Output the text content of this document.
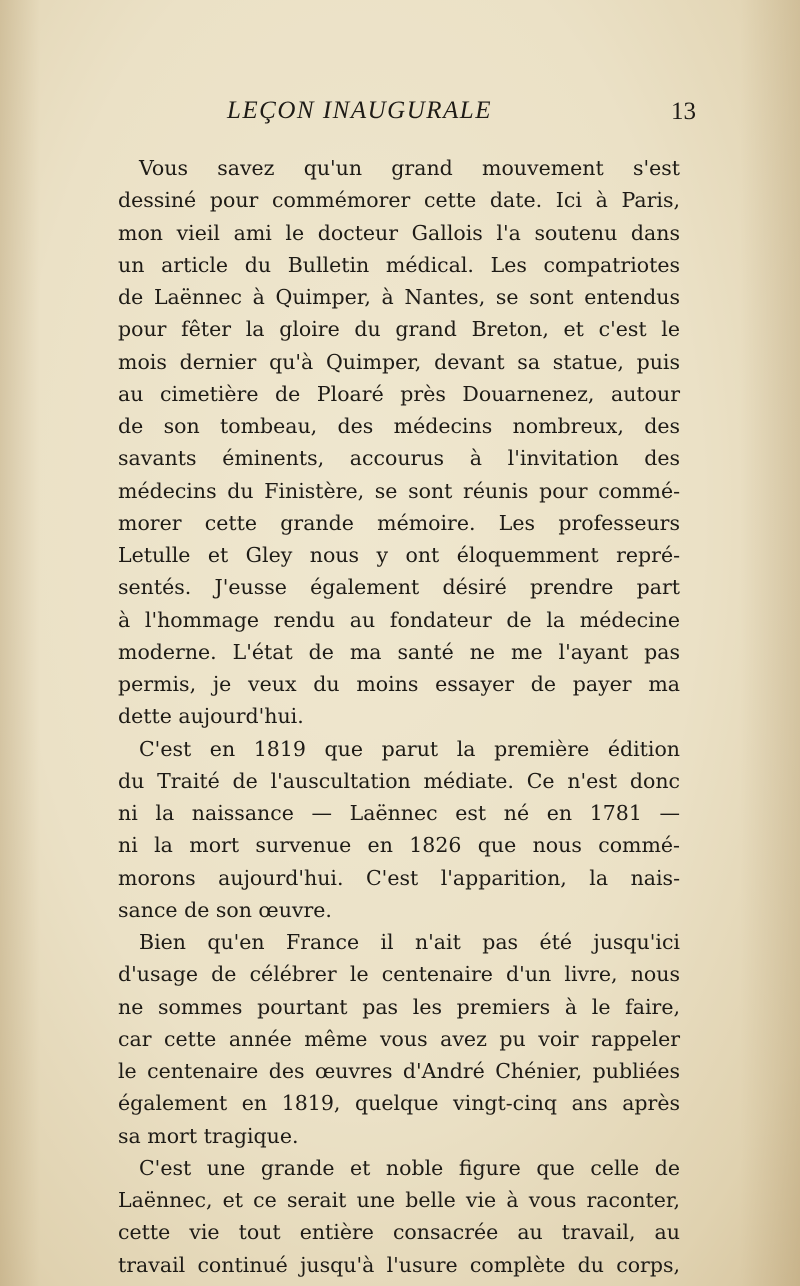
LEÇON INAUGURALE	13
Vous savez qu'un grand mouvement s'est
dessiné pour commémorer cette date. Ici à Paris,
mon vieil ami le docteur Gallois l'a soutenu dans
un article du Bulletin médical. Les compatriotes
de Laënnec à Quimper, à Nantes, se sont entendus
pour fêter la gloire du grand Breton, et c'est le
mois dernier qu'à Quimper, devant sa statue, puis
au cimetière de Ploaré près Douarnenez, autour
de son tombeau, des médecins nombreux, des
savants éminents, accourus à l'invitation des
médecins du Finistère, se sont réunis pour commé-
morer cette grande mémoire. Les professeurs
Letulle et Gley nous y ont éloquemment repré-
sentés. J'eusse également désiré prendre part
à l'hommage rendu au fondateur de la médecine
moderne. L'état de ma santé ne me l'ayant pas
permis, je veux du moins essayer de payer ma
dette aujourd'hui.
C'est en 1819 que parut la première édition
du Traité de l'auscultation médiate. Ce n'est donc
ni la naissance — Laënnec est né en 1781 —
ni la mort survenue en 1826 que nous commé-
morons aujourd'hui. C'est l'apparition, la nais-
sance de son œuvre.
Bien qu'en France il n'ait pas été jusqu'ici
d'usage de célébrer le centenaire d'un livre, nous
ne sommes pourtant pas les premiers à le faire,
car cette année même vous avez pu voir rappeler
le centenaire des œuvres d'André Chénier, publiées
également en 1819, quelque vingt-cinq ans après
sa mort tragique.
C'est une grande et noble figure que celle de
Laënnec, et ce serait une belle vie à vous raconter,
cette vie tout entière consacrée au travail, au
travail continué jusqu'à l'usure complète du corps,
